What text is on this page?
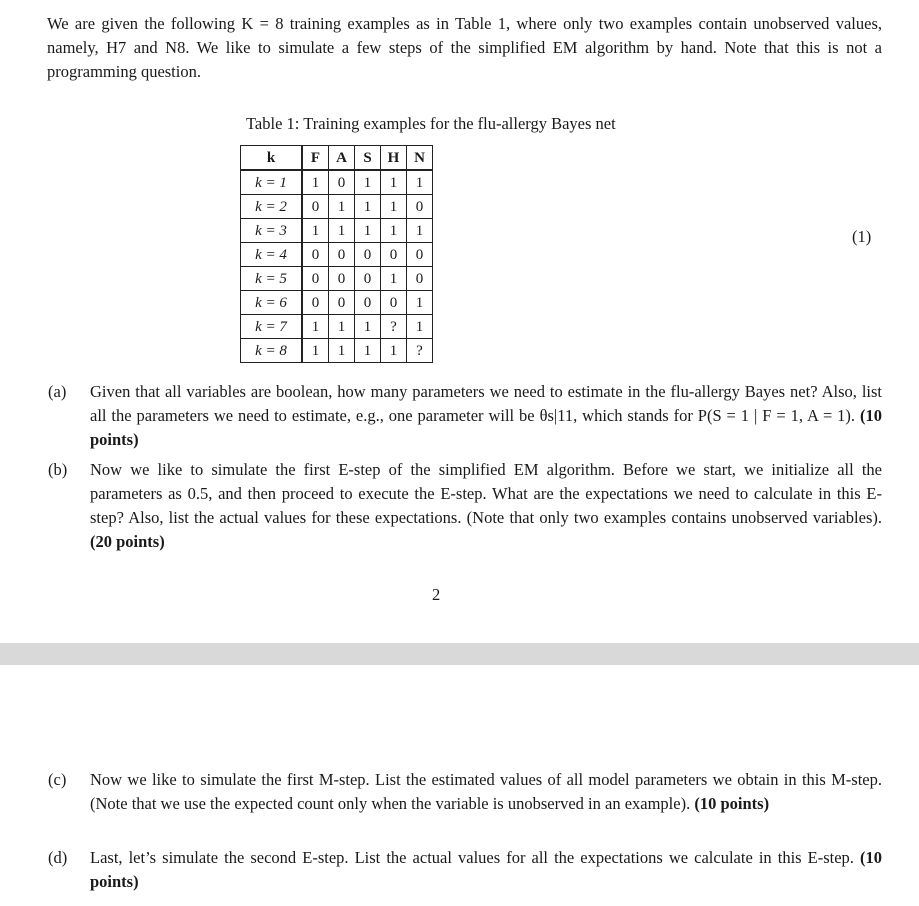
We are given the following K = 8 training examples as in Table 1, where only two examples contain unobserved values, namely, H7 and N8. We like to simulate a few steps of the simplified EM algorithm by hand. Note that this is not a programming question.
Table 1: Training examples for the flu-allergy Bayes net
k	F	A	S	H	N
k = 1	1	0	1	1	1
k = 2	0	1	1	1	0
k = 3	1	1	1	1	1
k = 4	0	0	0	0	0
k = 5	0	0	0	1	0
k = 6	0	0	0	0	1
k = 7	1	1	1	?	1
k = 8	1	1	1	1	?
(1)
(a) Given that all variables are boolean, how many parameters we need to estimate in the flu-allergy Bayes net? Also, list all the parameters we need to estimate, e.g., one parameter will be θs|11, which stands for P(S = 1 | F = 1, A = 1). (10 points)
(b) Now we like to simulate the first E-step of the simplified EM algorithm. Before we start, we initialize all the parameters as 0.5, and then proceed to execute the E-step. What are the expectations we need to calculate in this E-step? Also, list the actual values for these expectations. (Note that only two examples contains unobserved variables). (20 points)
2
(c) Now we like to simulate the first M-step. List the estimated values of all model parameters we obtain in this M-step. (Note that we use the expected count only when the variable is unobserved in an example). (10 points)
(d) Last, let’s simulate the second E-step. List the actual values for all the expectations we calculate in this E-step. (10 points)
